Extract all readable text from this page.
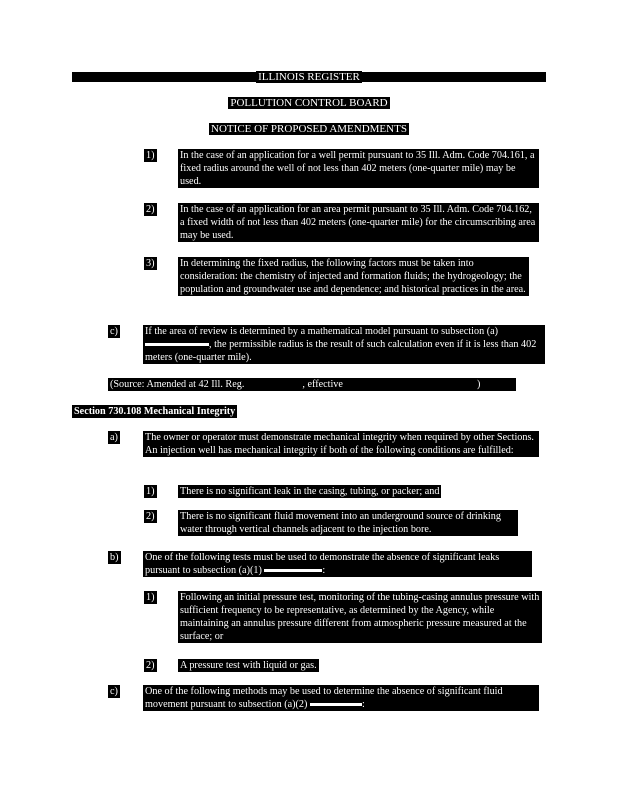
ILLINOIS REGISTER
POLLUTION CONTROL BOARD
NOTICE OF PROPOSED AMENDMENTS
1)	In the case of an application for a well permit pursuant to 35 Ill. Adm. Code 704.161, a fixed radius around the well of not less than 402 meters (one-quarter mile) may be used.
2)	In the case of an application for an area permit pursuant to 35 Ill. Adm. Code 704.162, a fixed width of not less than 402 meters (one-quarter mile) for the circumscribing area may be used.
3)	In determining the fixed radius, the following factors must be taken into consideration: the chemistry of injected and formation fluids; the hydrogeology; the population and groundwater use and dependence; and historical practices in the area.
c)	If the area of review is determined by a mathematical model pursuant to subsection (a) , the permissible radius is the result of such calculation even if it is less than 402 meters (one-quarter mile).
(Source: Amended at 42 Ill. Reg.	, effective	)
Section 730.108 Mechanical Integrity
a)	The owner or operator must demonstrate mechanical integrity when required by other Sections. An injection well has mechanical integrity if both of the following conditions are fulfilled:
1)	There is no significant leak in the casing, tubing, or packer; and
2)	There is no significant fluid movement into an underground source of drinking water through vertical channels adjacent to the injection bore.
b)	One of the following tests must be used to demonstrate the absence of significant leaks pursuant to subsection (a)(1)	:
1)	Following an initial pressure test, monitoring of the tubing-casing annulus pressure with sufficient frequency to be representative, as determined by the Agency, while maintaining an annulus pressure different from atmospheric pressure measured at the surface; or
2)	A pressure test with liquid or gas.
c)	One of the following methods may be used to determine the absence of significant fluid movement pursuant to subsection (a)(2)	:
